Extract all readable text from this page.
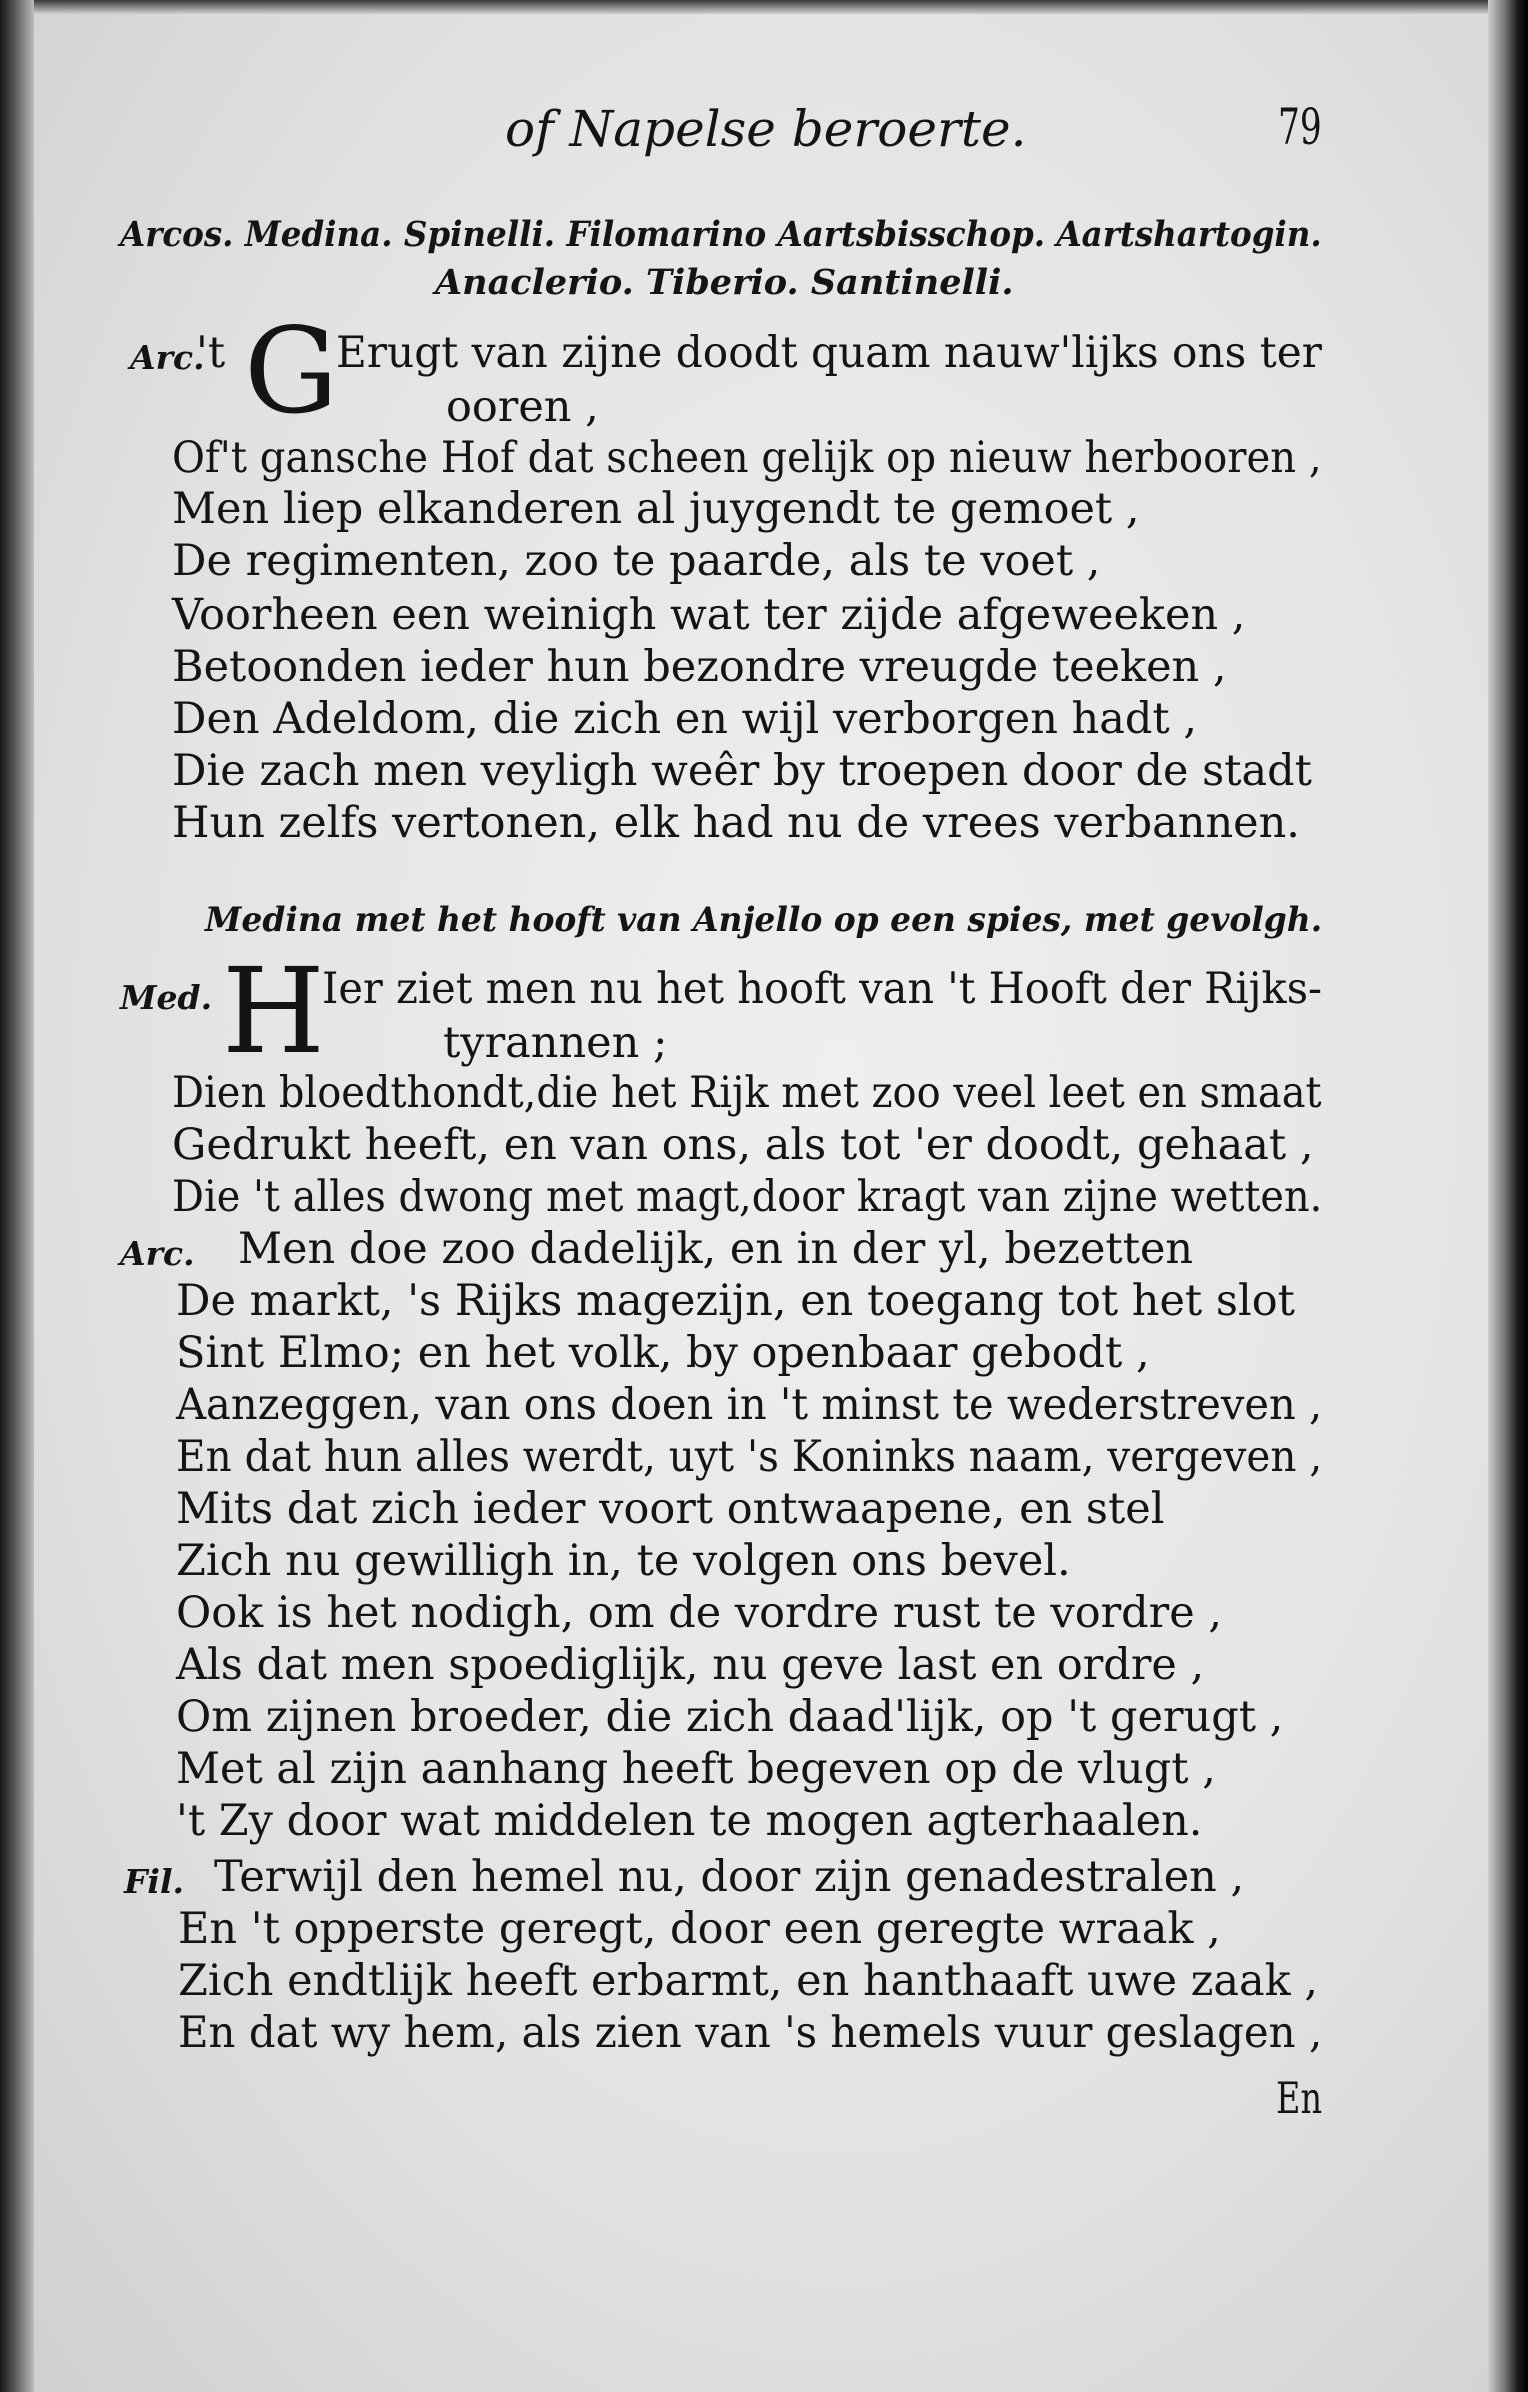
of Napelse beroerte.	79
Arcos. Medina. Spinelli. Filomarino Aartsbisschop. Aartshartogin.
Anaclerio. Tiberio. Santinelli.
Arc.
't G
Erugt van zijne doodt quam nauw'lijks ons ter
ooren ,
Of't gansche Hof dat scheen gelijk op nieuw herbooren ,
Men liep elkanderen al juygendt te gemoet ,
De regimenten, zoo te paarde, als te voet ,
Voorheen een weinigh wat ter zijde afgeweeken ,
Betoonden ieder hun bezondre vreugde teeken ,
Den Adeldom, die zich en wijl verborgen hadt ,
Die zach men veyligh weêr by troepen door de stadt
Hun zelfs vertonen, elk had nu de vrees verbannen.
Medina met het hooft van Anjello op een spies, met gevolgh.
Med. H
Ier ziet men nu het hooft van 't Hooft der Rijks-
tyrannen ;
Dien bloedthondt,die het Rijk met zoo veel leet en smaat
Gedrukt heeft, en van ons, als tot 'er doodt, gehaat ,
Die 't alles dwong met magt,door kragt van zijne wetten.
Arc. Men doe zoo dadelijk, en in der yl, bezetten
De markt, 's Rijks magezijn, en toegang tot het slot
Sint Elmo; en het volk, by openbaar gebodt ,
Aanzeggen, van ons doen in 't minst te wederstreven ,
En dat hun alles werdt, uyt 's Koninks naam, vergeven ,
Mits dat zich ieder voort ontwaapene, en stel
Zich nu gewilligh in, te volgen ons bevel.
Ook is het nodigh, om de vordre rust te vordre ,
Als dat men spoediglijk, nu geve last en ordre ,
Om zijnen broeder, die zich daad'lijk, op 't gerugt ,
Met al zijn aanhang heeft begeven op de vlugt ,
't Zy door wat middelen te mogen agterhaalen.
Fil. Terwijl den hemel nu, door zijn genadestralen ,
En 't opperste geregt, door een geregte wraak ,
Zich endtlijk heeft erbarmt, en hanthaaft uwe zaak ,
En dat wy hem, als zien van 's hemels vuur geslagen ,
En
